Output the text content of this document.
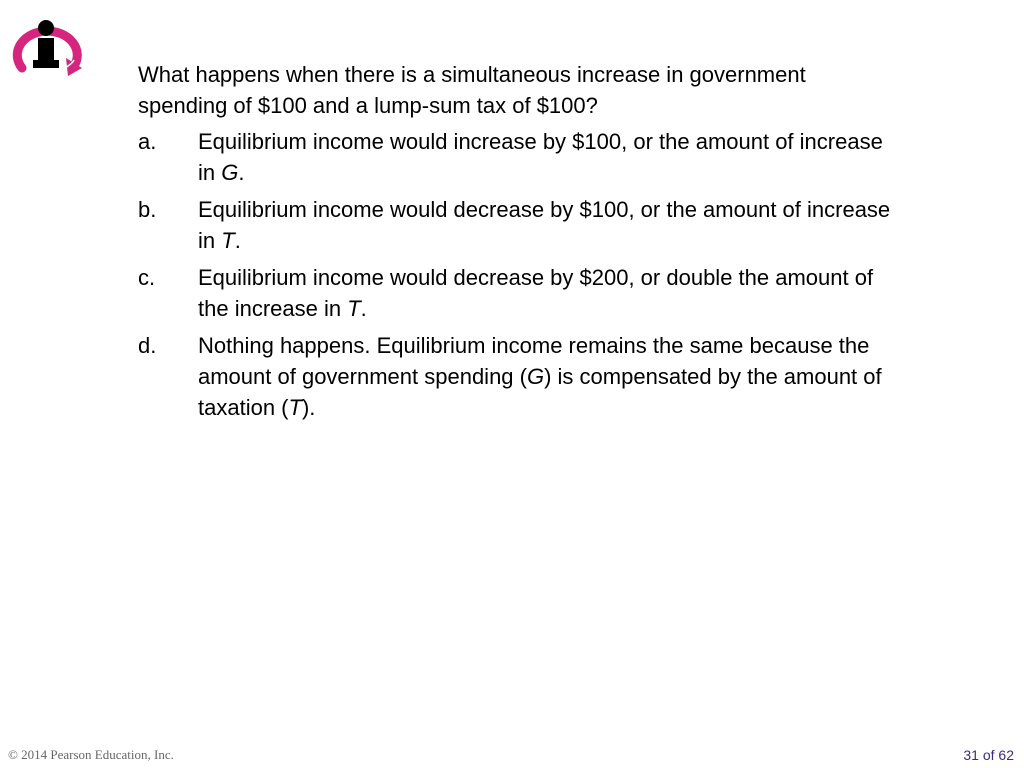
What happens when there is a simultaneous increase in government spending of $100 and a lump-sum tax of $100?

a.	Equilibrium income would increase by $100, or the amount of increase in G.
b.	Equilibrium income would decrease by $100, or the amount of increase in T.
c.	Equilibrium income would decrease by $200, or double the amount of the increase in T.
d.	Nothing happens. Equilibrium income remains the same because the amount of government spending (G) is compensated by the amount of taxation (T).
© 2014 Pearson Education, Inc.	31 of 62
